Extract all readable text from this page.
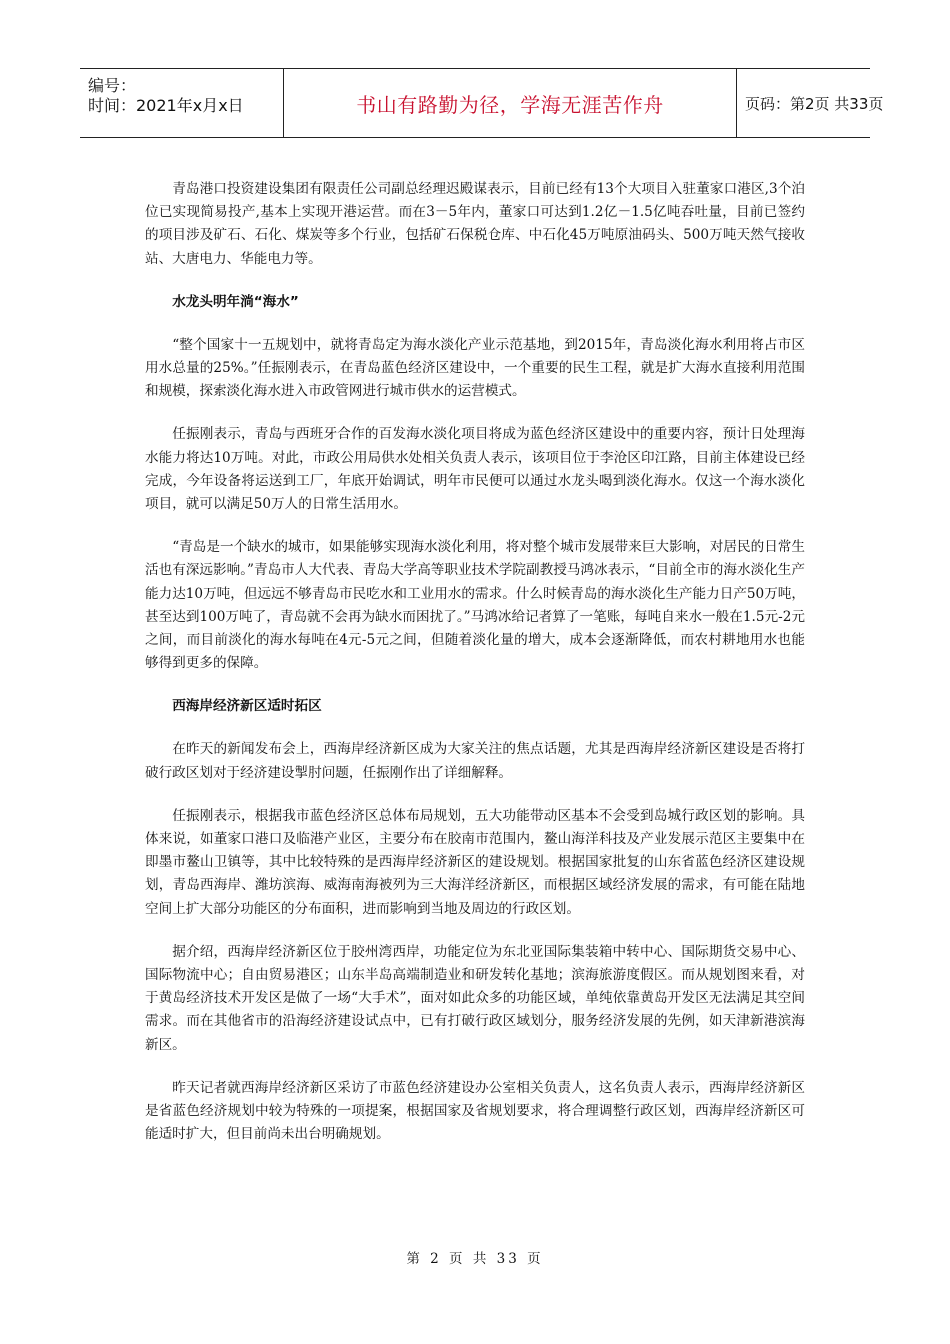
编号：
时间：2021年x月x日	书山有路勤为径，学海无涯苦作舟	页码：第2页 共33页

青岛港口投资建设集团有限责任公司副总经理迟殿谋表示，目前已经有13个大项目入驻董家口港区,3个泊位已实现简易投产,基本上实现开港运营。而在3－5年内，董家口可达到1.2亿－1.5亿吨吞吐量，目前已签约的项目涉及矿石、石化、煤炭等多个行业，包括矿石保税仓库、中石化45万吨原油码头、500万吨天然气接收站、大唐电力、华能电力等。

水龙头明年淌“海水”

“整个国家十一五规划中，就将青岛定为海水淡化产业示范基地，到2015年，青岛淡化海水利用将占市区用水总量的25%。”任振刚表示，在青岛蓝色经济区建设中，一个重要的民生工程，就是扩大海水直接利用范围和规模，探索淡化海水进入市政管网进行城市供水的运营模式。

任振刚表示，青岛与西班牙合作的百发海水淡化项目将成为蓝色经济区建设中的重要内容，预计日处理海水能力将达10万吨。对此，市政公用局供水处相关负责人表示，该项目位于李沧区印江路，目前主体建设已经完成，今年设备将运送到工厂，年底开始调试，明年市民便可以通过水龙头喝到淡化海水。仅这一个海水淡化项目，就可以满足50万人的日常生活用水。

“青岛是一个缺水的城市，如果能够实现海水淡化利用，将对整个城市发展带来巨大影响，对居民的日常生活也有深远影响。”青岛市人大代表、青岛大学高等职业技术学院副教授马鸿冰表示，“目前全市的海水淡化生产能力达10万吨，但远远不够青岛市民吃水和工业用水的需求。什么时候青岛的海水淡化生产能力日产50万吨，甚至达到100万吨了，青岛就不会再为缺水而困扰了。”马鸿冰给记者算了一笔账，每吨自来水一般在1.5元-2元之间，而目前淡化的海水每吨在4元-5元之间，但随着淡化量的增大，成本会逐渐降低，而农村耕地用水也能够得到更多的保障。

西海岸经济新区适时拓区

在昨天的新闻发布会上，西海岸经济新区成为大家关注的焦点话题，尤其是西海岸经济新区建设是否将打破行政区划对于经济建设掣肘问题，任振刚作出了详细解释。

任振刚表示，根据我市蓝色经济区总体布局规划，五大功能带动区基本不会受到岛城行政区划的影响。具体来说，如董家口港口及临港产业区，主要分布在胶南市范围内，鳌山海洋科技及产业发展示范区主要集中在即墨市鳌山卫镇等，其中比较特殊的是西海岸经济新区的建设规划。根据国家批复的山东省蓝色经济区建设规划，青岛西海岸、潍坊滨海、威海南海被列为三大海洋经济新区，而根据区域经济发展的需求，有可能在陆地空间上扩大部分功能区的分布面积，进而影响到当地及周边的行政区划。

据介绍，西海岸经济新区位于胶州湾西岸，功能定位为东北亚国际集装箱中转中心、国际期货交易中心、国际物流中心；自由贸易港区；山东半岛高端制造业和研发转化基地；滨海旅游度假区。而从规划图来看，对于黄岛经济技术开发区是做了一场“大手术”，面对如此众多的功能区域，单纯依靠黄岛开发区无法满足其空间需求。而在其他省市的沿海经济建设试点中，已有打破行政区域划分，服务经济发展的先例，如天津新港滨海新区。

昨天记者就西海岸经济新区采访了市蓝色经济建设办公室相关负责人，这名负责人表示，西海岸经济新区是省蓝色经济规划中较为特殊的一项提案，根据国家及省规划要求，将合理调整行政区划，西海岸经济新区可能适时扩大，但目前尚未出台明确规划。

第 2 页 共 33 页
